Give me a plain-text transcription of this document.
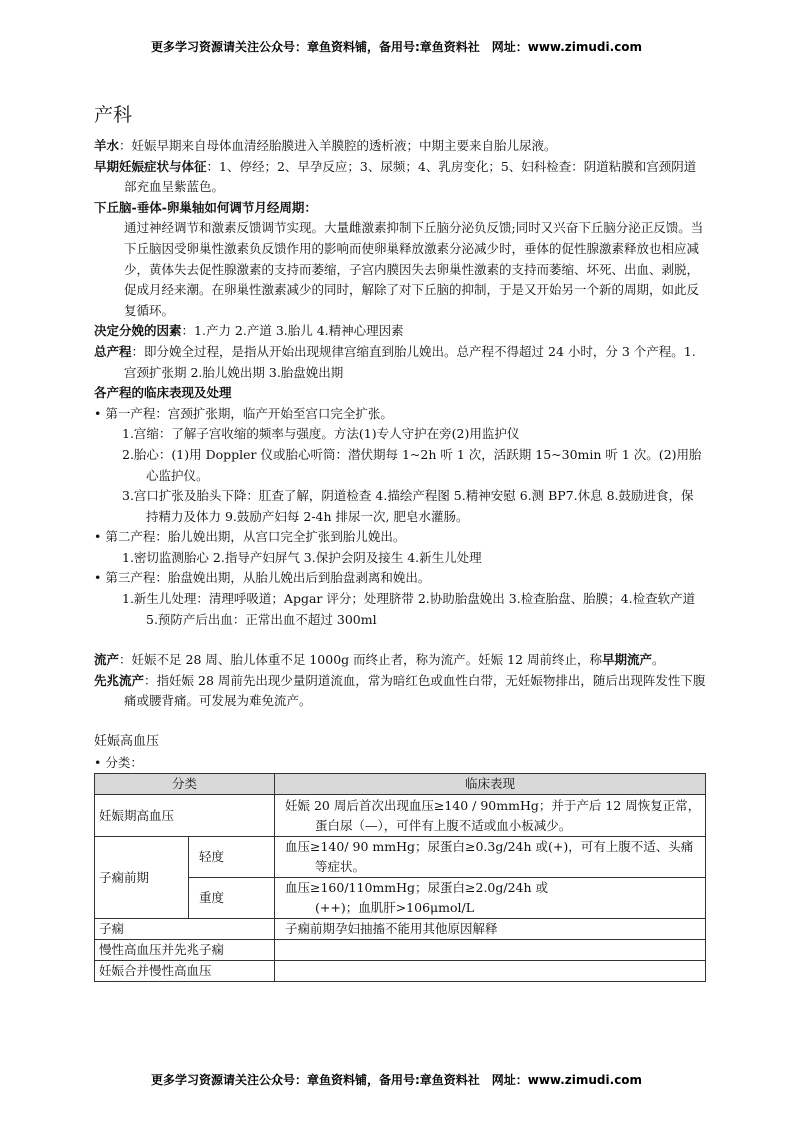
更多学习资源请关注公众号：章鱼资料铺，备用号:章鱼资料社　网址：www.zimudi.com
产科

羊水：妊娠早期来自母体血清经胎膜进入羊膜腔的透析液；中期主要来自胎儿尿液。

早期妊娠症状与体征：1、停经；2、早孕反应；3、尿频；4、乳房变化；5、妇科检查：阴道粘膜和宫颈阴道部充血呈紫蓝色。

下丘脑-垂体-卵巢轴如何调节月经周期：

通过神经调节和激素反馈调节实现。大量雌激素抑制下丘脑分泌负反馈;同时又兴奋下丘脑分泌正反馈。当下丘脑因受卵巢性激素负反馈作用的影响而使卵巢释放激素分泌减少时，垂体的促性腺激素释放也相应减少，黄体失去促性腺激素的支持而萎缩，子宫内膜因失去卵巢性激素的支持而萎缩、坏死、出血、剥脱，促成月经来潮。在卵巢性激素减少的同时，解除了对下丘脑的抑制，于是又开始另一个新的周期，如此反复循环。

决定分娩的因素：1.产力 2.产道 3.胎儿 4.精神心理因素

总产程：即分娩全过程，是指从开始出现规律宫缩直到胎儿娩出。总产程不得超过 24 小时，分 3 个产程。1.宫颈扩张期 2.胎儿娩出期 3.胎盘娩出期

各产程的临床表现及处理

• 第一产程：宫颈扩张期，临产开始至宫口完全扩张。

1.宫缩：了解子宫收缩的频率与强度。方法(1)专人守护在旁(2)用监护仪

2.胎心：(1)用 Doppler 仪或胎心听筒：潜伏期每 1~2h 听 1 次，活跃期 15~30min 听 1 次。(2)用胎心监护仪。

3.宫口扩张及胎头下降：肛查了解，阴道检查 4.描绘产程图 5.精神安慰 6.测 BP7.休息 8.鼓励进食，保持精力及体力 9.鼓励产妇每 2-4h 排尿一次, 肥皂水灌肠。

• 第二产程：胎儿娩出期，从宫口完全扩张到胎儿娩出。

1.密切监测胎心 2.指导产妇屏气 3.保护会阴及接生 4.新生儿处理

• 第三产程：胎盘娩出期，从胎儿娩出后到胎盘剥离和娩出。

1.新生儿处理：清理呼吸道；Apgar 评分；处理脐带 2.协助胎盘娩出 3.检查胎盘、胎膜；4.检查软产道 5.预防产后出血：正常出血不超过 300ml

流产：妊娠不足 28 周、胎儿体重不足 1000g 而终止者，称为流产。妊娠 12 周前终止，称早期流产。

先兆流产：指妊娠 28 周前先出现少量阴道流血，常为暗红色或血性白带，无妊娠物排出，随后出现阵发性下腹痛或腰背痛。可发展为难免流产。

妊娠高血压

• 分类：

分类		临床表现
妊娠期高血压		妊娠 20 周后首次出现血压≥140 / 90mmHg；并于产后 12 周恢复正常，蛋白尿（—），可伴有上腹不适或血小板减少。

子痫前期	轻度	血压≥140/ 90 mmHg；尿蛋白≥0.3g/24h 或(+)，可有上腹不适、头痛等症状。

	重度	血压≥160/110mmHg；尿蛋白≥2.0g/24h 或(++)；血肌肝>106μmol/L

子痫		子痫前期孕妇抽搐不能用其他原因解释
慢性高血压并先兆子痫		
妊娠合并慢性高血压		
更多学习资源请关注公众号：章鱼资料铺，备用号:章鱼资料社　网址：www.zimudi.com
